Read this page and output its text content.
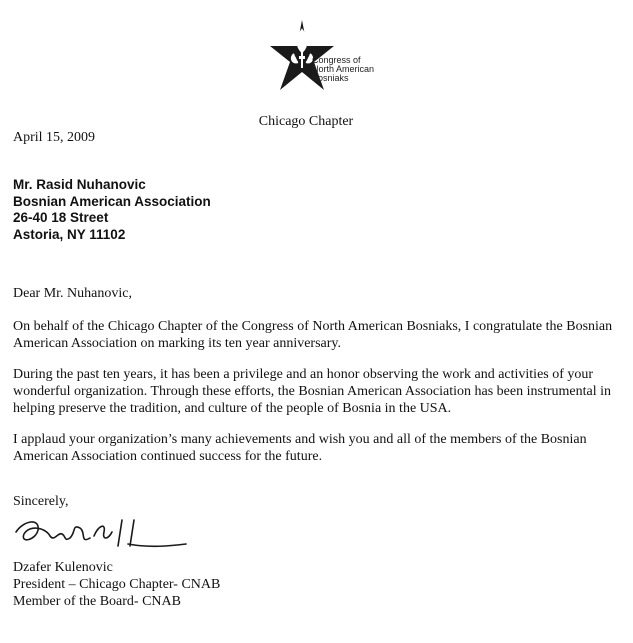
Congress of
North American
Bosniaks
Chicago Chapter
April 15, 2009
Mr. Rasid Nuhanovic
Bosnian American Association
26-40 18 Street
Astoria, NY 11102
Dear Mr. Nuhanovic,
On behalf of the Chicago Chapter of the Congress of North American Bosniaks, I congratulate the Bosnian American Association on marking its ten year anniversary.
During the past ten years, it has been a privilege and an honor observing the work and activities of your wonderful organization. Through these efforts, the Bosnian American Association has been instrumental in helping preserve the tradition, and culture of the people of Bosnia in the USA.
I applaud your organization’s many achievements and wish you and all of the members of the Bosnian American Association continued success for the future.
Sincerely,
Dzafer Kulenovic
President – Chicago Chapter- CNAB
Member of the Board- CNAB
